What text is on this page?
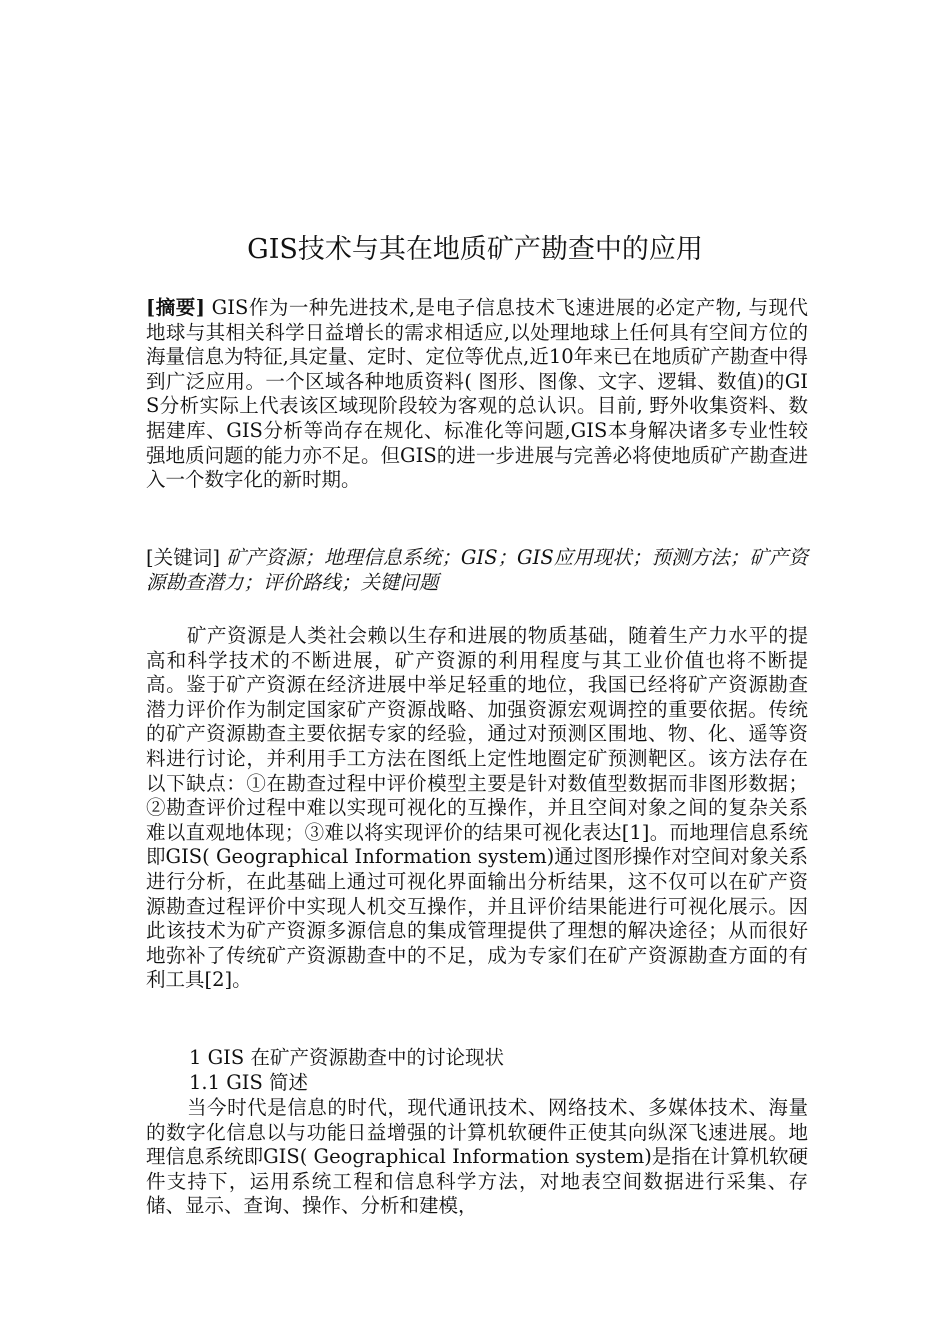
GIS技术与其在地质矿产勘查中的应用

[摘要] GIS作为一种先进技术,是电子信息技术飞速进展的必定产物, 与现代地球与其相关科学日益增长的需求相适应,以处理地球上任何具有空间方位的海量信息为特征,具定量、定时、定位等优点,近10年来已在地质矿产勘查中得到广泛应用。一个区域各种地质资料( 图形、图像、文字、逻辑、数值)的GIS分析实际上代表该区域现阶段较为客观的总认识。目前, 野外收集资料、数据建库、GIS分析等尚存在规化、标准化等问题,GIS本身解决诸多专业性较强地质问题的能力亦不足。但GIS的进一步进展与完善必将使地质矿产勘查进入一个数字化的新时期。

[关键词] 矿产资源；地理信息系统；GIS；GIS应用现状；预测方法；矿产资源勘查潜力；评价路线；关键问题

矿产资源是人类社会赖以生存和进展的物质基础，随着生产力水平的提高和科学技术的不断进展，矿产资源的利用程度与其工业价值也将不断提高。鉴于矿产资源在经济进展中举足轻重的地位，我国已经将矿产资源勘查潜力评价作为制定国家矿产资源战略、加强资源宏观调控的重要依据。传统的矿产资源勘查主要依据专家的经验，通过对预测区围地、物、化、遥等资料进行讨论，并利用手工方法在图纸上定性地圈定矿预测靶区。该方法存在以下缺点：①在勘查过程中评价模型主要是针对数值型数据而非图形数据；②勘查评价过程中难以实现可视化的互操作，并且空间对象之间的复杂关系难以直观地体现；③难以将实现评价的结果可视化表达[1]。而地理信息系统即GIS( Geographical Information system)通过图形操作对空间对象关系进行分析，在此基础上通过可视化界面输出分析结果，这不仅可以在矿产资源勘查过程评价中实现人机交互操作，并且评价结果能进行可视化展示。因此该技术为矿产资源多源信息的集成管理提供了理想的解决途径；从而很好地弥补了传统矿产资源勘查中的不足，成为专家们在矿产资源勘查方面的有利工具[2]。

1 GIS 在矿产资源勘查中的讨论现状

1.1 GIS 简述

当今时代是信息的时代，现代通讯技术、网络技术、多媒体技术、海量的数字化信息以与功能日益增强的计算机软硬件正使其向纵深飞速进展。地理信息系统即GIS( Geographical Information system)是指在计算机软硬件支持下，运用系统工程和信息科学方法，对地表空间数据进行采集、存储、显示、查询、操作、分析和建模，
